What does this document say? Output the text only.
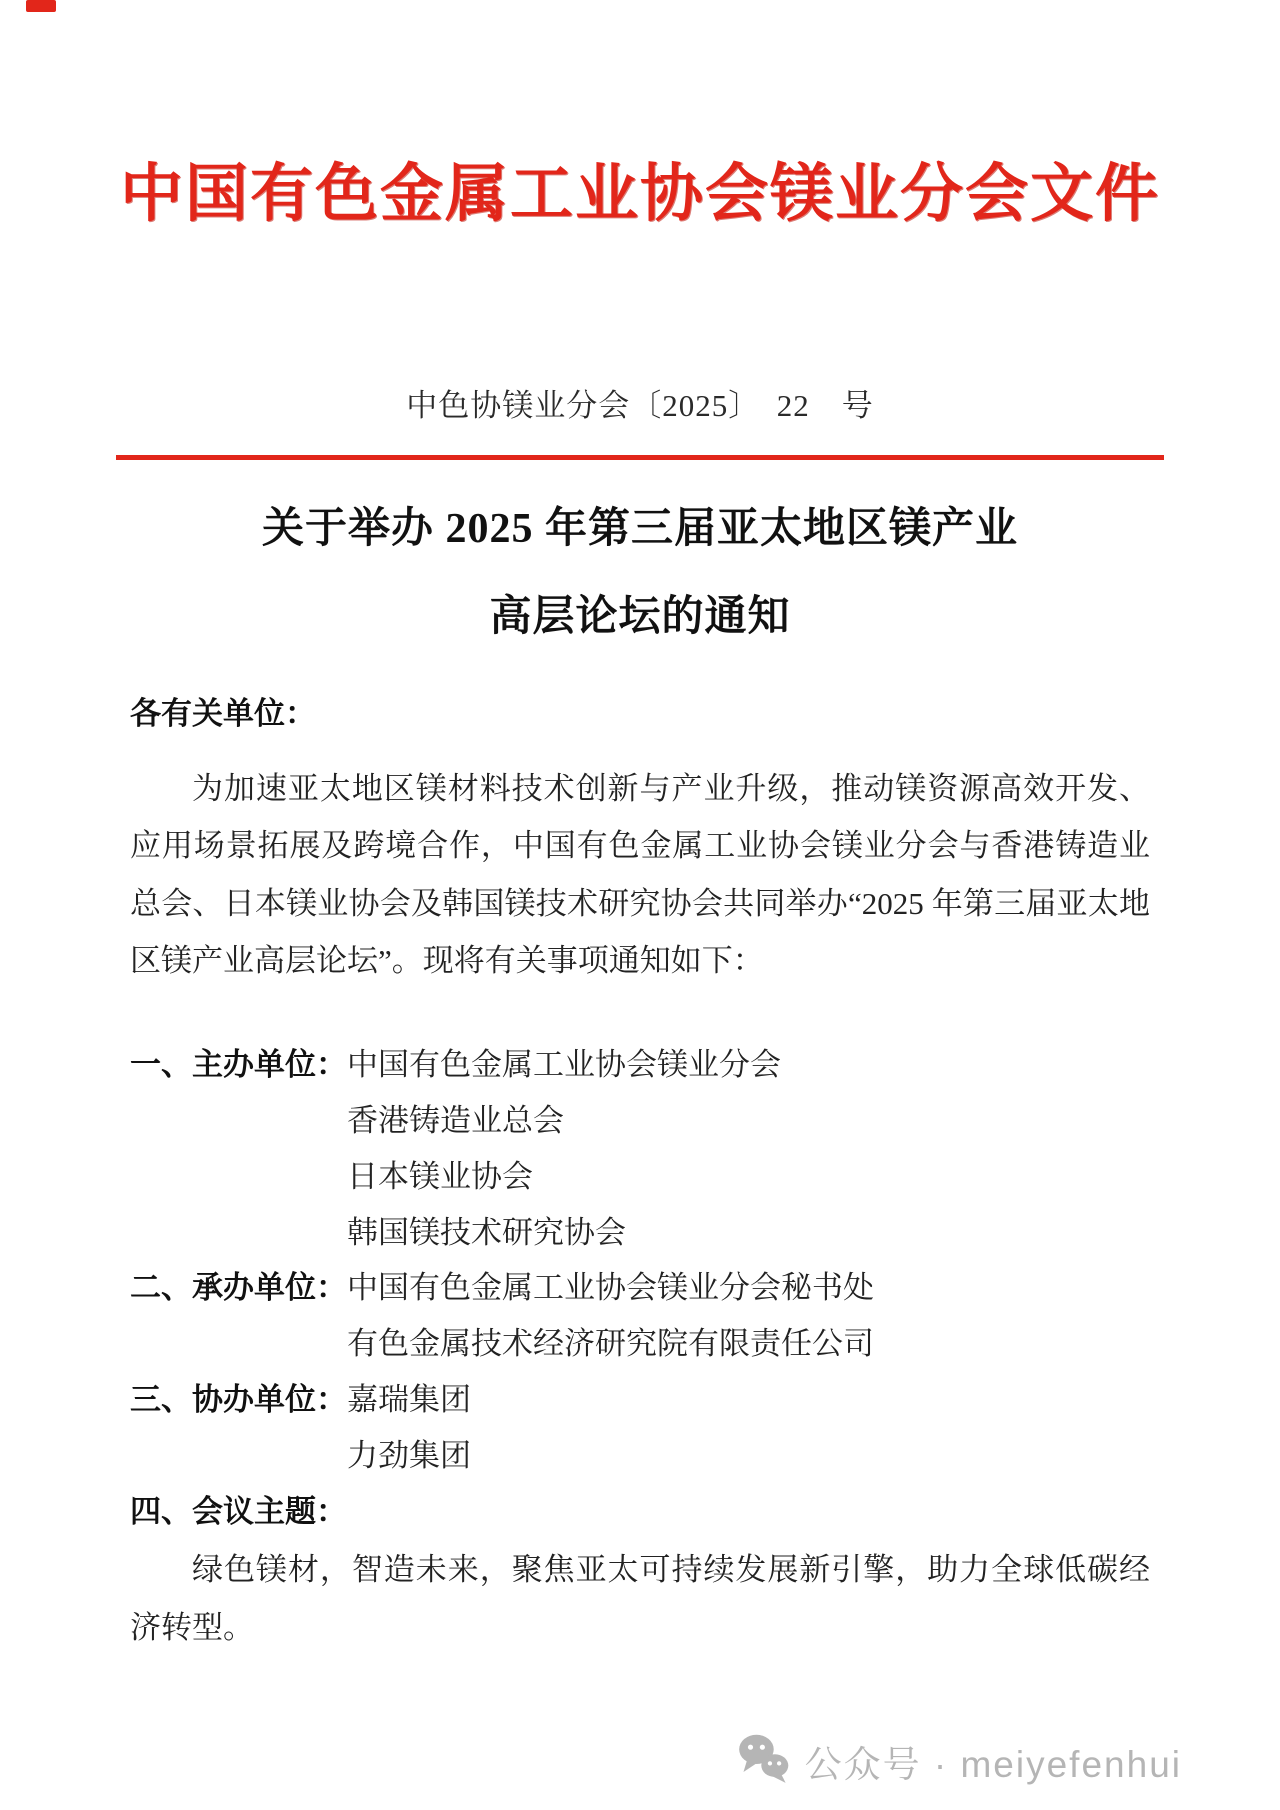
中国有色金属工业协会镁业分会文件
中色协镁业分会〔2025〕　22　号
关于举办 2025 年第三届亚太地区镁产业
高层论坛的通知
各有关单位：
为加速亚太地区镁材料技术创新与产业升级，推动镁资源高效开发、应用场景拓展及跨境合作，中国有色金属工业协会镁业分会与香港铸造业总会、日本镁业协会及韩国镁技术研究协会共同举办“2025 年第三届亚太地区镁产业高层论坛”。现将有关事项通知如下：
一、主办单位： 中国有色金属工业协会镁业分会
香港铸造业总会
日本镁业协会
韩国镁技术研究协会
二、承办单位： 中国有色金属工业协会镁业分会秘书处
有色金属技术经济研究院有限责任公司
三、协办单位： 嘉瑞集团
力劲集团
四、会议主题：
绿色镁材，智造未来，聚焦亚太可持续发展新引擎，助力全球低碳经济转型。
公众号 · meiyefenhui
